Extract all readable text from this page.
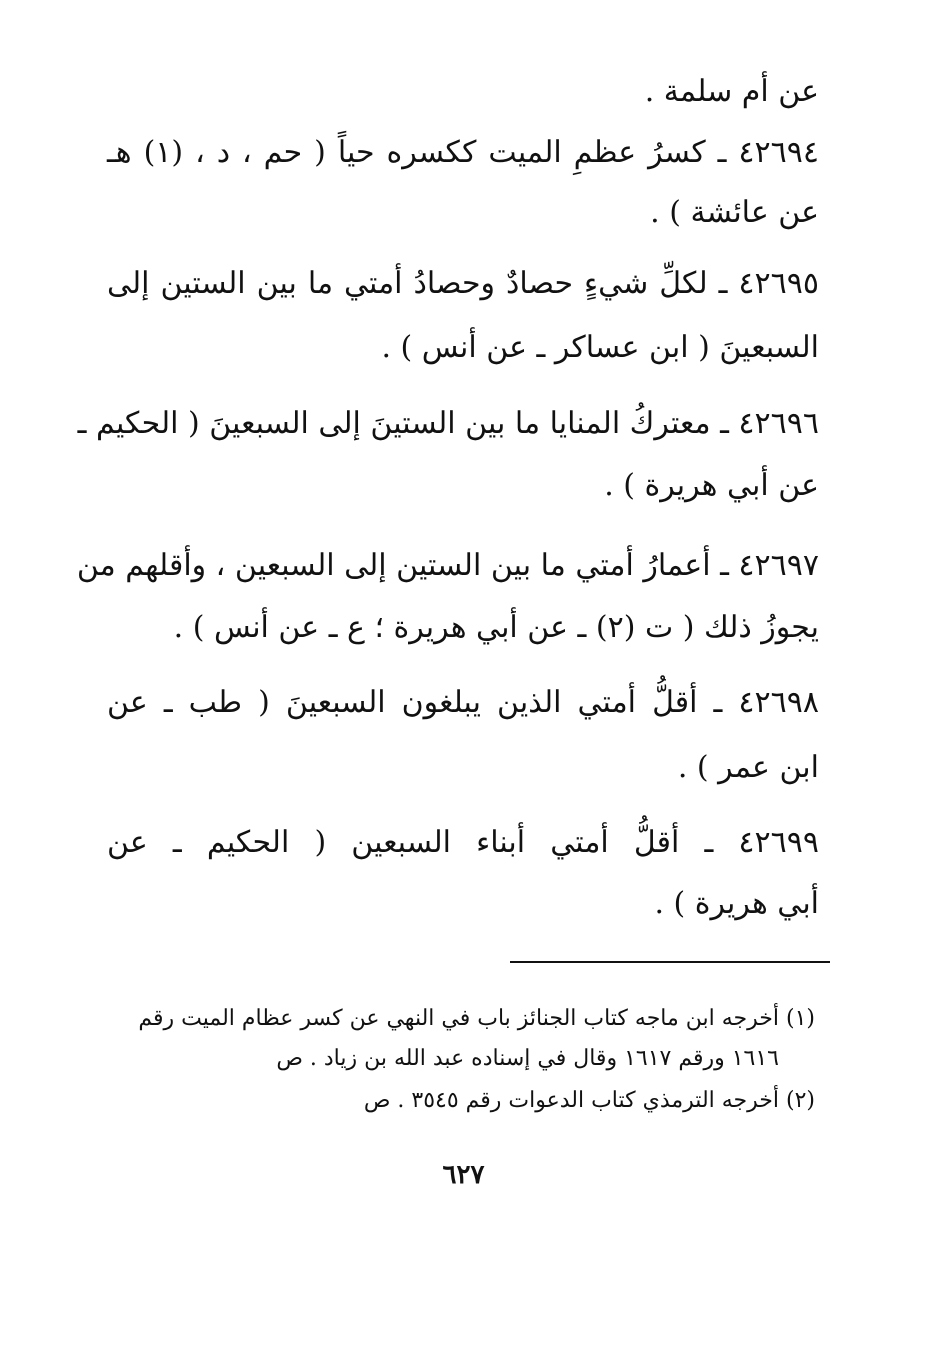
عن أم سلمة .
٤٢٦٩٤ ـ كسرُ عظمِ الميت ككسره حياً ( حم ، د ، (١) هـ
عن عائشة ) .
٤٢٦٩٥ ـ لكلِّ شيءٍ حصادٌ وحصادُ أمتي ما بين الستين إلى
السبعينَ ( ابن عساكر ـ عن أنس ) .
٤٢٦٩٦ ـ معتركُ المنايا ما بين الستينَ إلى السبعينَ ( الحكيم ـ
عن أبي هريرة ) .
٤٢٦٩٧ ـ أعمارُ أمتي ما بين الستين إلى السبعين ، وأقلهم من
يجوزُ ذلك ( ت (٢) ـ عن أبي هريرة ؛ ع ـ عن أنس ) .
٤٢٦٩٨ ـ أقلُّ أمتي الذين يبلغون السبعينَ ( طب ـ عن
ابن عمر ) .
٤٢٦٩٩ ـ أقلُّ أمتي أبناء السبعين ( الحكيم ـ عن
أبي هريرة ) .
(١) أخرجه ابن ماجه كتاب الجنائز باب في النهي عن كسر عظام الميت رقم
١٦١٦ ورقم ١٦١٧ وقال في إسناده عبد الله بن زياد . ص
(٢) أخرجه الترمذي كتاب الدعوات رقم ٣٥٤٥ . ص
٦٢٧
